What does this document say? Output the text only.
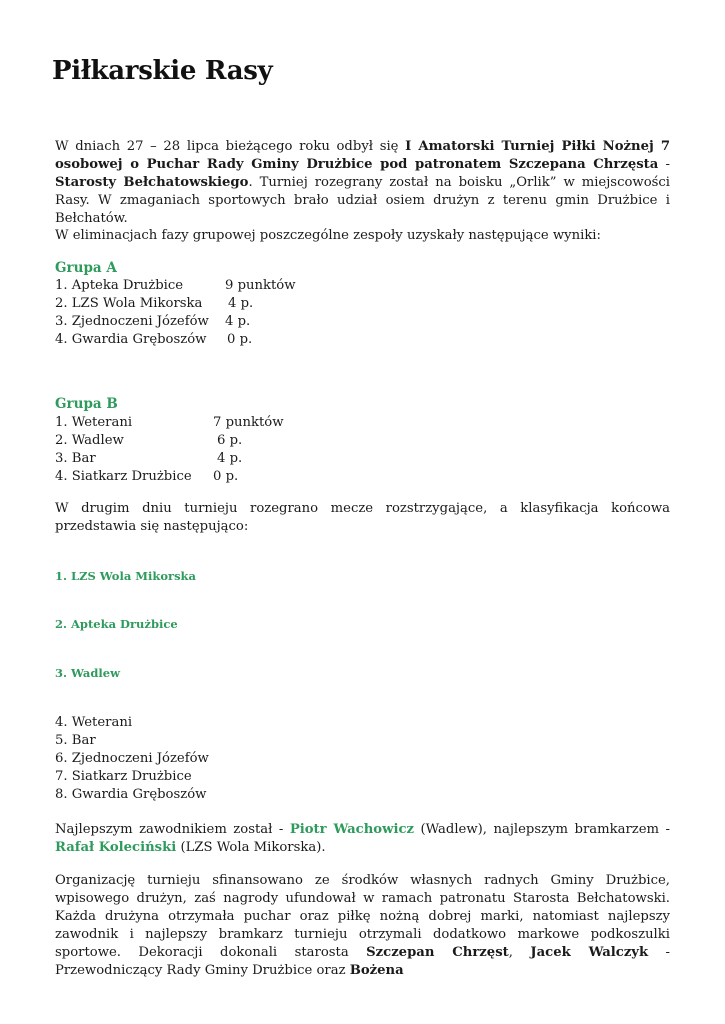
Piłkarskie Rasy

W dniach 27 – 28 lipca bieżącego roku odbył się I Amatorski Turniej Piłki Nożnej 7 osobowej o Puchar Rady Gminy Drużbice pod patronatem Szczepana Chrzęsta - Starosty Bełchatowskiego. Turniej rozegrany został na boisku „Orlik” w miejscowości Rasy. W zmaganiach sportowych brało udział osiem drużyn z terenu gmin Drużbice i Bełchatów.

W eliminacjach fazy grupowej poszczególne zespoły uzyskały następujące wyniki:
Grupa A
1. Apteka Drużbice	9 punktów
2. LZS Wola Mikorska 4 p.
3. Zjednoczeni Józefów 4 p.
4. Gwardia Gręboszów 0 p.
Grupa B
1. Weterani	7 punktów
2. Wadlew	6 p.
3. Bar	4 p.
4. Siatkarz Drużbice 0 p.

W drugim dniu turnieju rozegrano mecze rozstrzygające, a klasyfikacja końcowa przedstawia się następująco:

1. LZS Wola Mikorska
2. Apteka Drużbice
3. Wadlew
4. Weterani
5. Bar
6. Zjednoczeni Józefów
7. Siatkarz Drużbice
8. Gwardia Gręboszów

Najlepszym zawodnikiem został - Piotr Wachowicz (Wadlew), najlepszym bramkarzem - Rafał Koleciński (LZS Wola Mikorska).

Organizację turnieju sfinansowano ze środków własnych radnych Gminy Drużbice, wpisowego drużyn, zaś nagrody ufundował w ramach patronatu Starosta Bełchatowski. Każda drużyna otrzymała puchar oraz piłkę nożną dobrej marki, natomiast najlepszy zawodnik i najlepszy bramkarz turnieju otrzymali dodatkowo markowe podkoszulki sportowe. Dekoracji dokonali starosta Szczepan Chrzęst, Jacek Walczyk - Przewodniczący Rady Gminy Drużbice oraz Bożena
